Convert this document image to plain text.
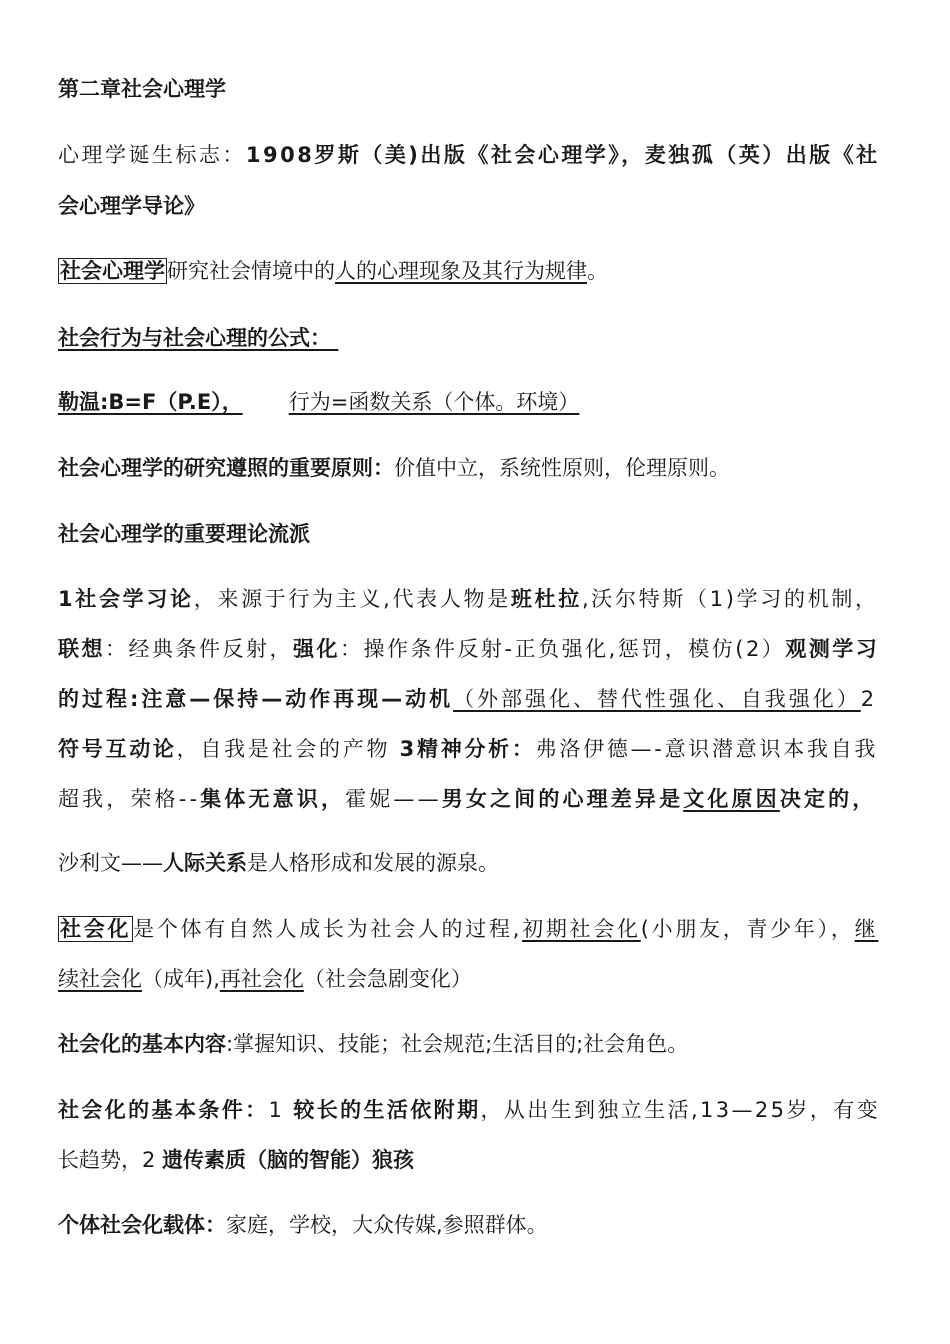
第二章社会心理学
心理学诞生标志：1908罗斯（美)出版《社会心理学》，麦独孤（英）出版《社
会心理学导论》
社会心理学研究社会情境中的人的心理现象及其行为规律。
社会行为与社会心理的公式：
勒温:B=F（P.E）， 行为=函数关系（个体。环境）
社会心理学的研究遵照的重要原则：价值中立，系统性原则，伦理原则。
社会心理学的重要理论流派
1社会学习论，来源于行为主义,代表人物是班杜拉,沃尔特斯（1)学习的机制，
联想：经典条件反射，强化：操作条件反射-正负强化,惩罚，模仿(2）观测学习
的过程:注意—保持—动作再现—动机（外部强化、替代性强化、自我强化）2
符号互动论，自我是社会的产物 3精神分析：弗洛伊德—-意识潜意识本我自我
超我，荣格--集体无意识，霍妮——男女之间的心理差异是文化原因决定的，
沙利文——人际关系是人格形成和发展的源泉。
社会化是个体有自然人成长为社会人的过程,初期社会化(小朋友，青少年），继
续社会化（成年),再社会化（社会急剧变化）
社会化的基本内容:掌握知识、技能；社会规范;生活目的;社会角色。
社会化的基本条件：1 较长的生活依附期，从出生到独立生活,13—25岁，有变
长趋势，2 遗传素质（脑的智能）狼孩
个体社会化载体：家庭，学校，大众传媒,参照群体。
